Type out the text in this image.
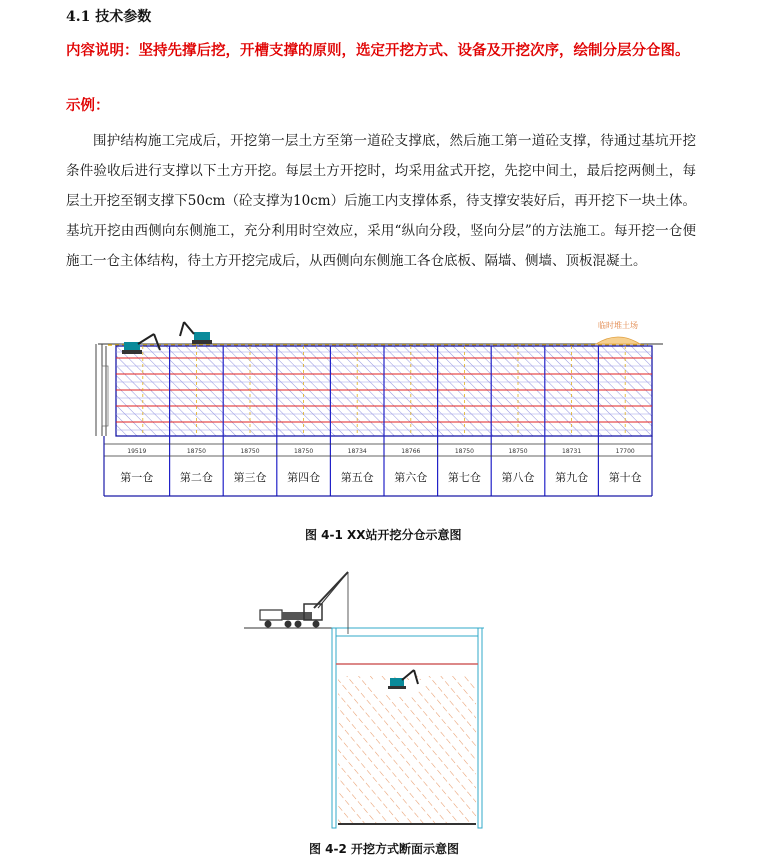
4.1 技术参数
内容说明：坚持先撑后挖，开槽支撑的原则，选定开挖方式、设备及开挖次序，绘制分层分仓图。
示例：
围护结构施工完成后，开挖第一层土方至第一道砼支撑底，然后施工第一道砼支撑，待通过基坑开挖条件验收后进行支撑以下土方开挖。每层土方开挖时，均采用盆式开挖，先挖中间土，最后挖两侧土，每层土开挖至钢支撑下50cm（砼支撑为10cm）后施工内支撑体系，待支撑安装好后，再开挖下一块土体。基坑开挖由西侧向东侧施工，充分利用时空效应，采用“纵向分段，竖向分层”的方法施工。每开挖一仓便施工一仓主体结构，待土方开挖完成后，从西侧向东侧施工各仓底板、隔墙、侧墙、顶板混凝土。
临时堆土场
19519
第一仓
18750
第二仓
18750
第三仓
18750
第四仓
18734
第五仓
18766
第六仓
18750
第七仓
18750
第八仓
18731
第九仓
17700
第十仓
图 4-1 XX站开挖分仓示意图
图 4-2 开挖方式断面示意图
